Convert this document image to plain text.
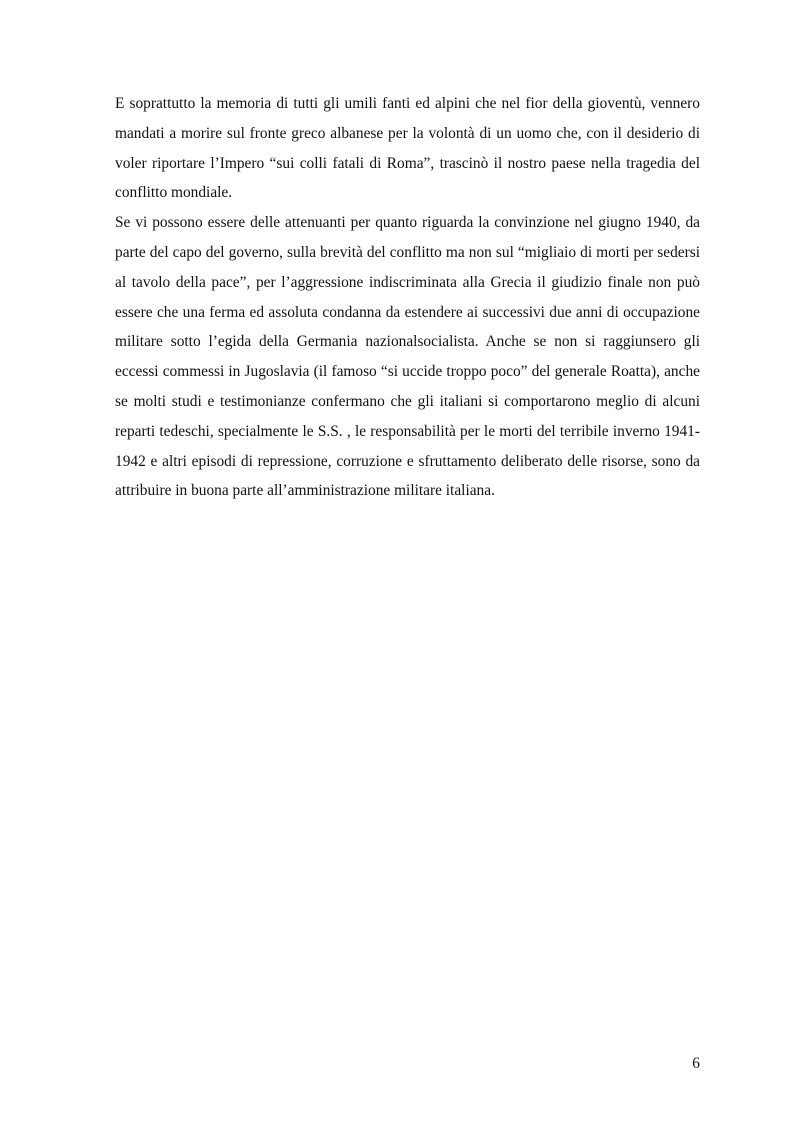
E soprattutto la memoria di tutti gli umili fanti ed alpini che nel fior della gioventù, vennero mandati a morire sul fronte greco albanese per la volontà di un uomo che, con il desiderio di voler riportare l’Impero “sui colli fatali di Roma”, trascinò il nostro paese nella tragedia del conflitto mondiale.

Se vi possono essere delle attenuanti per quanto riguarda la convinzione nel giugno 1940, da parte del capo del governo, sulla brevità del conflitto ma non sul “migliaio di morti per sedersi al tavolo della pace”, per l’aggressione indiscriminata alla Grecia il giudizio finale non può essere che una ferma ed assoluta condanna da estendere ai successivi due anni di occupazione militare sotto l’egida della Germania nazionalsocialista. Anche se non si raggiunsero gli eccessi commessi in Jugoslavia (il famoso “si uccide troppo poco” del generale Roatta), anche se molti studi e testimonianze confermano che gli italiani si comportarono meglio di alcuni reparti tedeschi, specialmente le S.S. , le responsabilità per le morti del terribile inverno 1941-1942 e altri episodi di repressione, corruzione e sfruttamento deliberato delle risorse, sono da attribuire in buona parte all’amministrazione militare italiana.

6
